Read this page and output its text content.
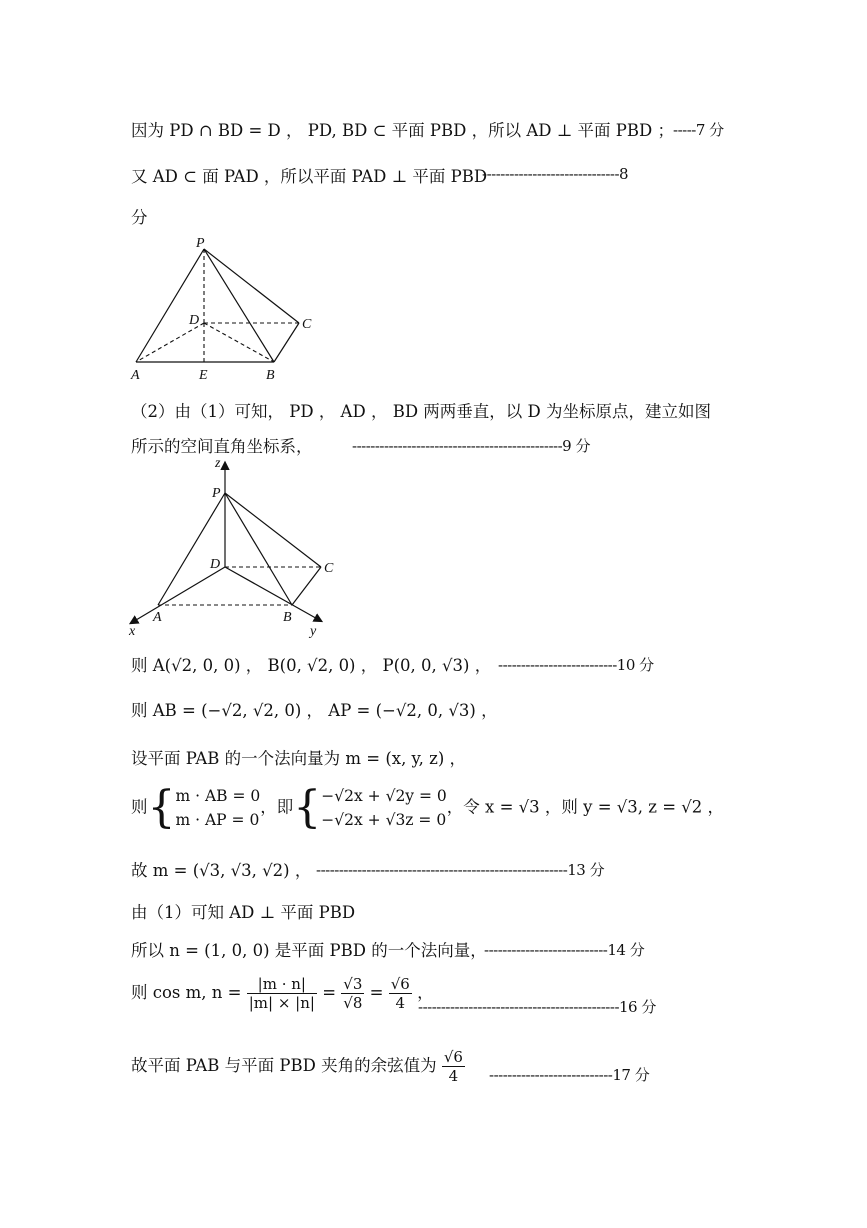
因为 PD ∩ BD = D ， PD, BD ⊂ 平面 PBD ，所以 AD ⊥ 平面 PBD ； -----7 分
又 AD ⊂ 面 PAD ，所以平面 PAD ⊥ 平面 PBD
------------------------------8
分
P
D	C
A	E	B
（2）由（1）可知， PD ， AD ， BD 两两垂直，以 D 为坐标原点，建立如图
所示的空间直角坐标系，	----------------------------------------------9 分
z
P
D	C
A	B
x	y
则 A(√2, 0, 0) ， B(0, √2, 0) ， P(0, 0, √3) ， --------------------------10 分
则 AB = (−√2, √2, 0) ， AP = (−√2, 0, √3) ，
设平面 PAB 的一个法向量为 m = (x, y, z) ，
则{ m · AB = 0
m · AP = 0
，即{ −√2x + √2y = 0
−√2x + √3z = 0
，令 x = √3 ，则 y = √3, z = √2 ，
故 m = (√3, √3, √2) ， -------------------------------------------------------13 分
由（1）可知 AD ⊥ 平面 PBD
所以 n = (1, 0, 0) 是平面 PBD 的一个法向量，
---------------------------14 分
则 cos m, $n = \frac{|m \cdot n|}{|m| \times |n|} = \frac{√3}{√8} = \frac{√6}{4}$ ，
--------------------------------------------16 分
故平面 PAB 与平面 PBD 夹角的余弦值为 $\frac{√6}{4} ---------------------------17$ 分
